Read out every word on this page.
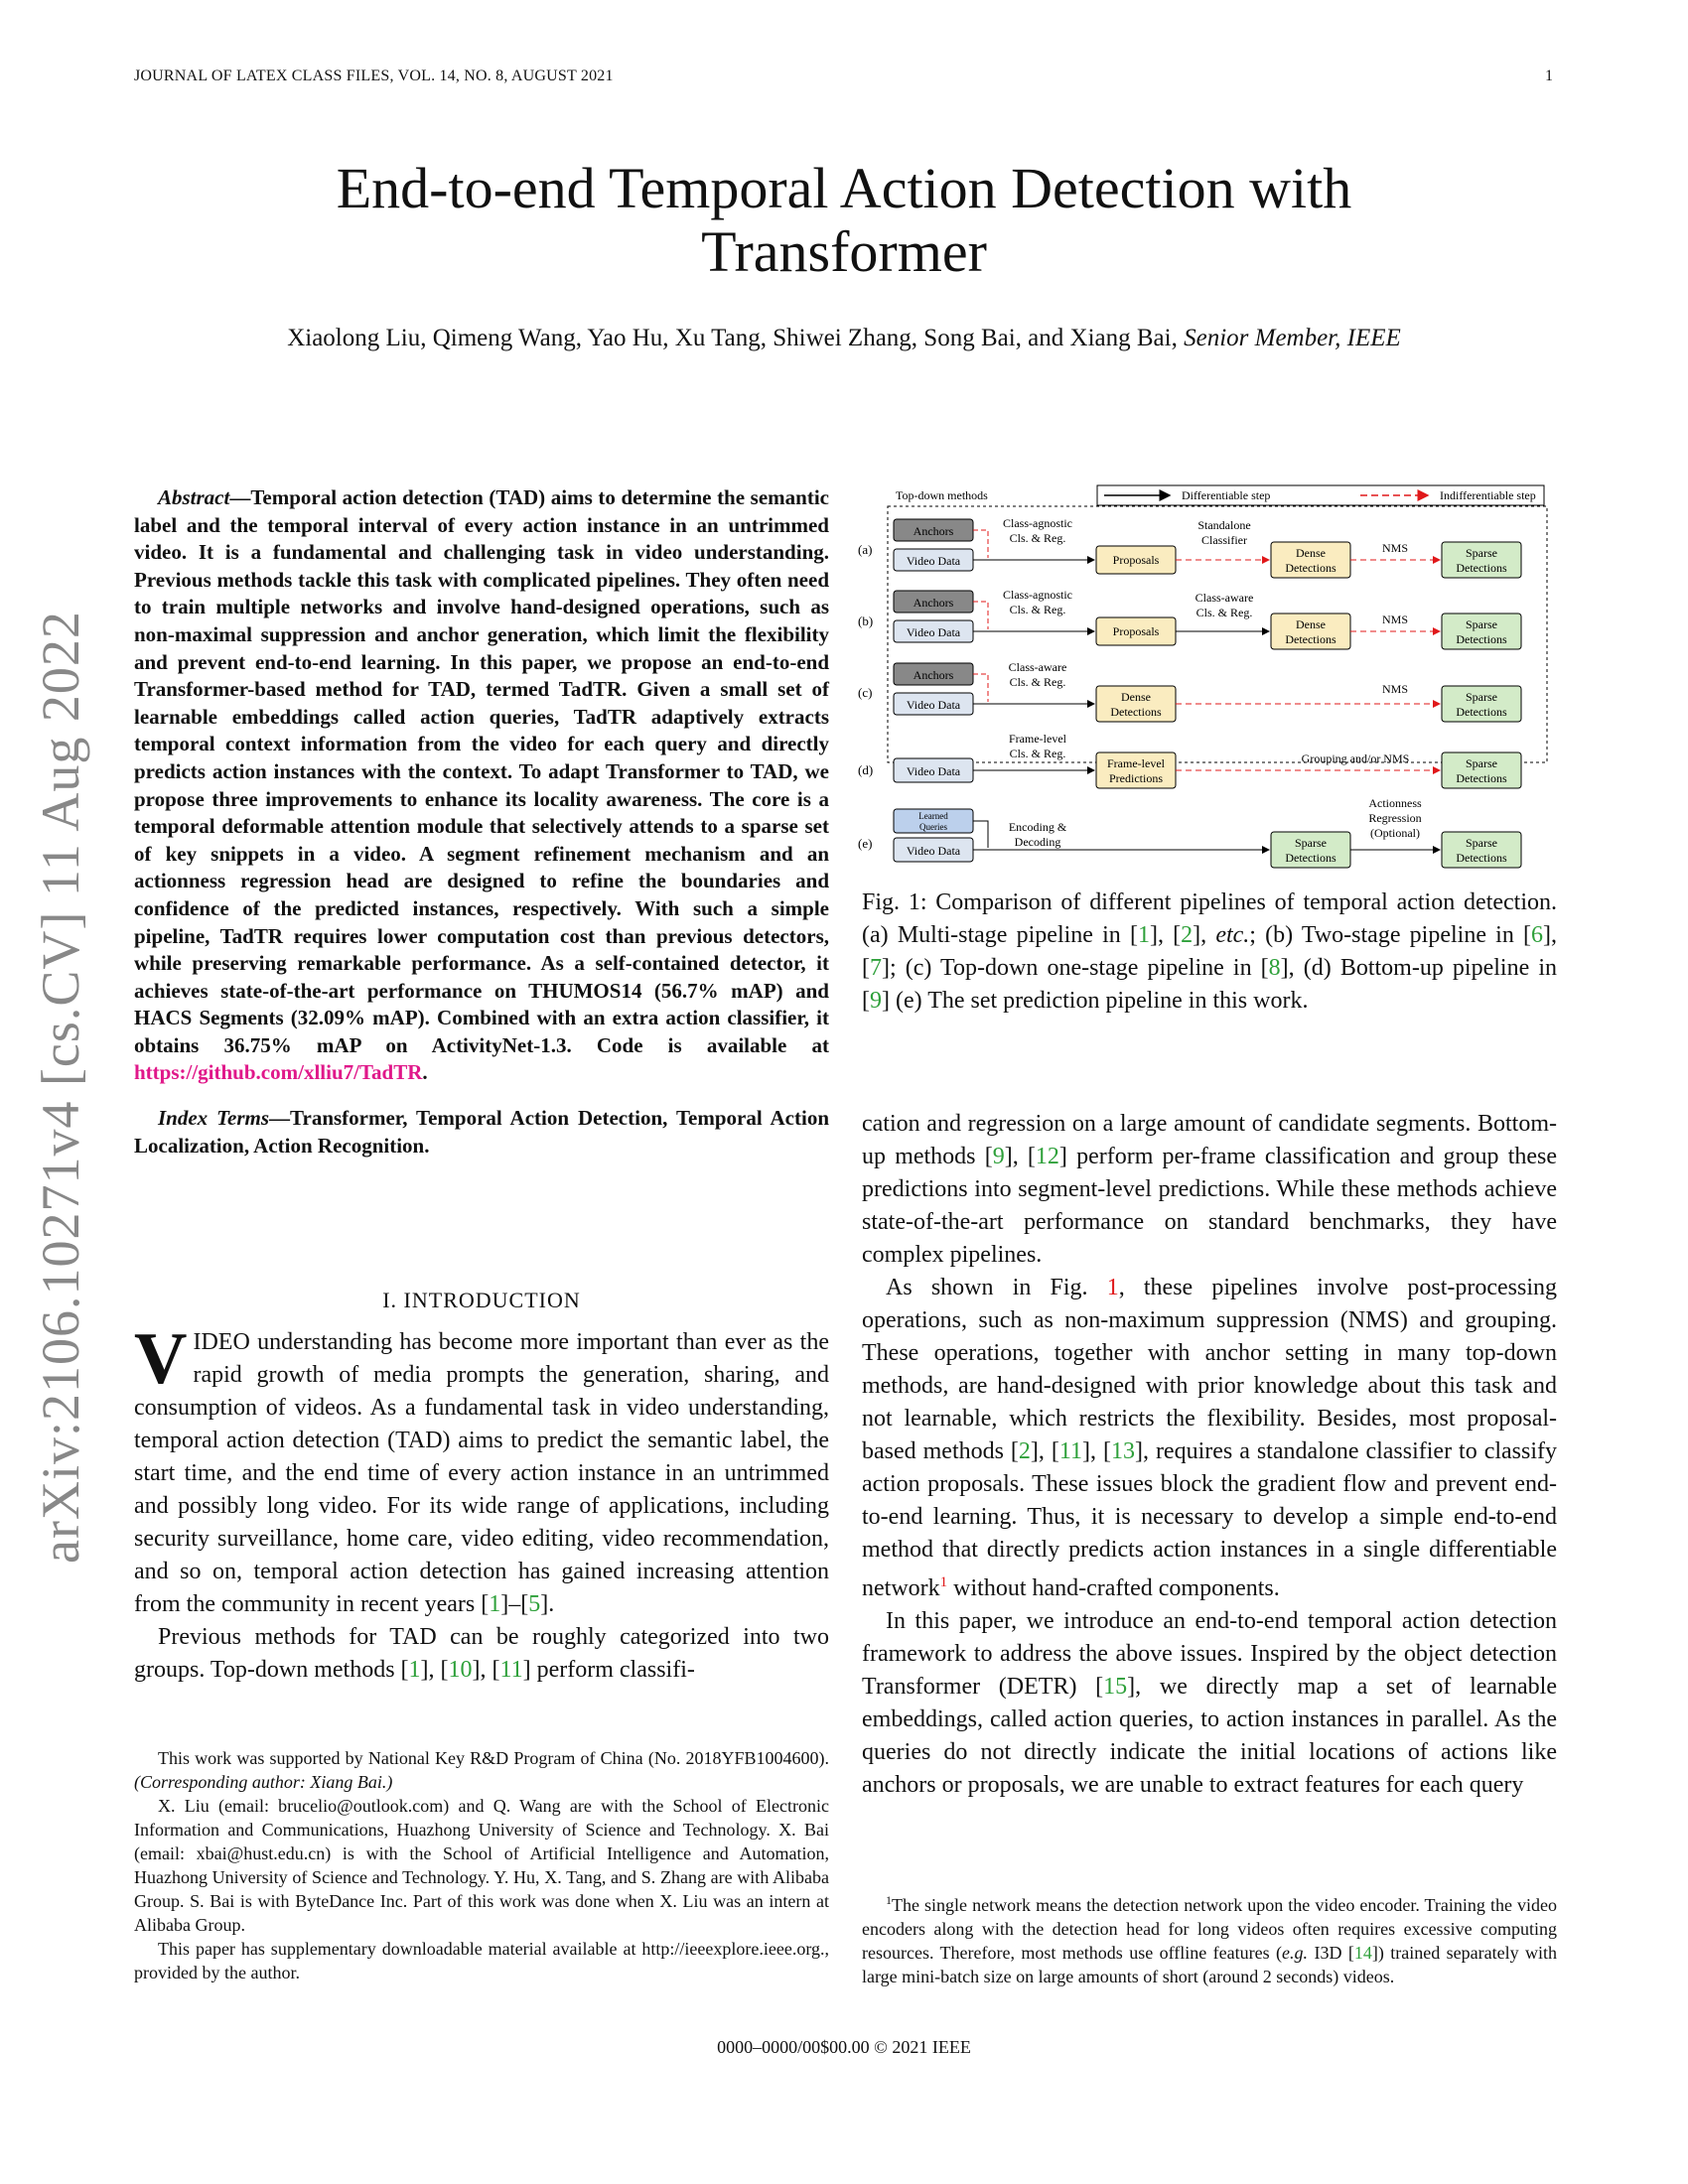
JOURNAL OF LATEX CLASS FILES, VOL. 14, NO. 8, AUGUST 2021	1
arXiv:2106.10271v4 [cs.CV] 11 Aug 2022
End-to-end Temporal Action Detection with
Transformer
Xiaolong Liu, Qimeng Wang, Yao Hu, Xu Tang, Shiwei Zhang, Song Bai, and Xiang Bai, Senior Member, IEEE

Abstract—Temporal action detection (TAD) aims to determine the semantic label and the temporal interval of every action instance in an untrimmed video. It is a fundamental and challenging task in video understanding. Previous methods tackle this task with complicated pipelines. They often need to train multiple networks and involve hand-designed operations, such as non-maximal suppression and anchor generation, which limit the flexibility and prevent end-to-end learning. In this paper, we propose an end-to-end Transformer-based method for TAD, termed TadTR. Given a small set of learnable embeddings called action queries, TadTR adaptively extracts temporal context information from the video for each query and directly predicts action instances with the context. To adapt Transformer to TAD, we propose three improvements to enhance its locality awareness. The core is a temporal deformable attention module that selectively attends to a sparse set of key snippets in a video. A segment refinement mechanism and an actionness regression head are designed to refine the boundaries and confidence of the predicted instances, respectively. With such a simple pipeline, TadTR requires lower computation cost than previous detectors, while preserving remarkable performance. As a self-contained detector, it achieves state-of-the-art performance on THUMOS14 (56.7% mAP) and HACS Segments (32.09% mAP). Combined with an extra action classifier, it obtains 36.75% mAP on ActivityNet-1.3. Code is available at https://github.com/xlliu7/TadTR.

Index Terms—Transformer, Temporal Action Detection, Temporal Action Localization, Action Recognition.

I. INTRODUCTION

VIDEO understanding has become more important than ever as the rapid growth of media prompts the generation, sharing, and consumption of videos. As a fundamental task in video understanding, temporal action detection (TAD) aims to predict the semantic label, the start time, and the end time of every action instance in an untrimmed and possibly long video. For its wide range of applications, including security surveillance, home care, video editing, video recommendation, and so on, temporal action detection has gained increasing attention from the community in recent years [1]–[5].

Previous methods for TAD can be roughly categorized into two groups. Top-down methods [1], [10], [11] perform classifi-

This work was supported by National Key R&D Program of China (No. 2018YFB1004600). (Corresponding author: Xiang Bai.)

X. Liu (email: brucelio@outlook.com) and Q. Wang are with the School of Electronic Information and Communications, Huazhong University of Science and Technology. X. Bai (email: xbai@hust.edu.cn) is with the School of Artificial Intelligence and Automation, Huazhong University of Science and Technology. Y. Hu, X. Tang, and S. Zhang are with Alibaba Group. S. Bai is with ByteDance Inc. Part of this work was done when X. Liu was an intern at Alibaba Group.

This paper has supplementary downloadable material available at http://ieeexplore.ieee.org., provided by the author.

Top-down methods	Differentiable step	Indifferentiable step
(a)
Anchors
Video Data
Class-agnostic
Cls. & Reg.
Proposals
Standalone
Classifier
Dense
Detections
NMS	Sparse
Detections
(b)
Anchors
Video Data
Class-agnostic
Cls. & Reg.
Proposals
Class-aware
Cls. & Reg.
Dense
Detections
NMS	Sparse
Detections
(c)
Anchors
Video Data
Class-aware
Cls. & Reg.
Dense
Detections
NMS
Sparse
Detections
(d)	Video Data
Frame-level
Cls. & Reg.
Frame-level
Predictions
Grouping and/or NMS	Sparse
Detections
(e)
Learned
Queries
Video Data
Encoding &
Decoding	Sparse
Detections
Actionness
Regression
(Optional)
Sparse
Detections
Fig. 1: Comparison of different pipelines of temporal action detection. (a) Multi-stage pipeline in [1], [2], etc.; (b) Two-stage pipeline in [6], [7]; (c) Top-down one-stage pipeline in [8], (d) Bottom-up pipeline in [9] (e) The set prediction pipeline in this work.

cation and regression on a large amount of candidate segments. Bottom-up methods [9], [12] perform per-frame classification and group these predictions into segment-level predictions. While these methods achieve state-of-the-art performance on standard benchmarks, they have complex pipelines.

As shown in Fig. 1, these pipelines involve post-processing operations, such as non-maximum suppression (NMS) and grouping. These operations, together with anchor setting in many top-down methods, are hand-designed with prior knowledge about this task and not learnable, which restricts the flexibility. Besides, most proposal-based methods [2], [11], [13], requires a standalone classifier to classify action proposals. These issues block the gradient flow and prevent end-to-end learning. Thus, it is necessary to develop a simple end-to-end method that directly predicts action instances in a single differentiable network$^1$ without hand-crafted components.

In this paper, we introduce an end-to-end temporal action detection framework to address the above issues. Inspired by the object detection Transformer (DETR) [15], we directly map a set of learnable embeddings, called action queries, to action instances in parallel. As the queries do not directly indicate the initial locations of actions like anchors or proposals, we are unable to extract features for each query

$^1$The single network means the detection network upon the video encoder. Training the video encoders along with the detection head for long videos often requires excessive computing resources. Therefore, most methods use offline features (e.g. I3D [14]) trained separately with large mini-batch size on large amounts of short (around 2 seconds) videos.

0000–0000/00$00.00 © 2021 IEEE
